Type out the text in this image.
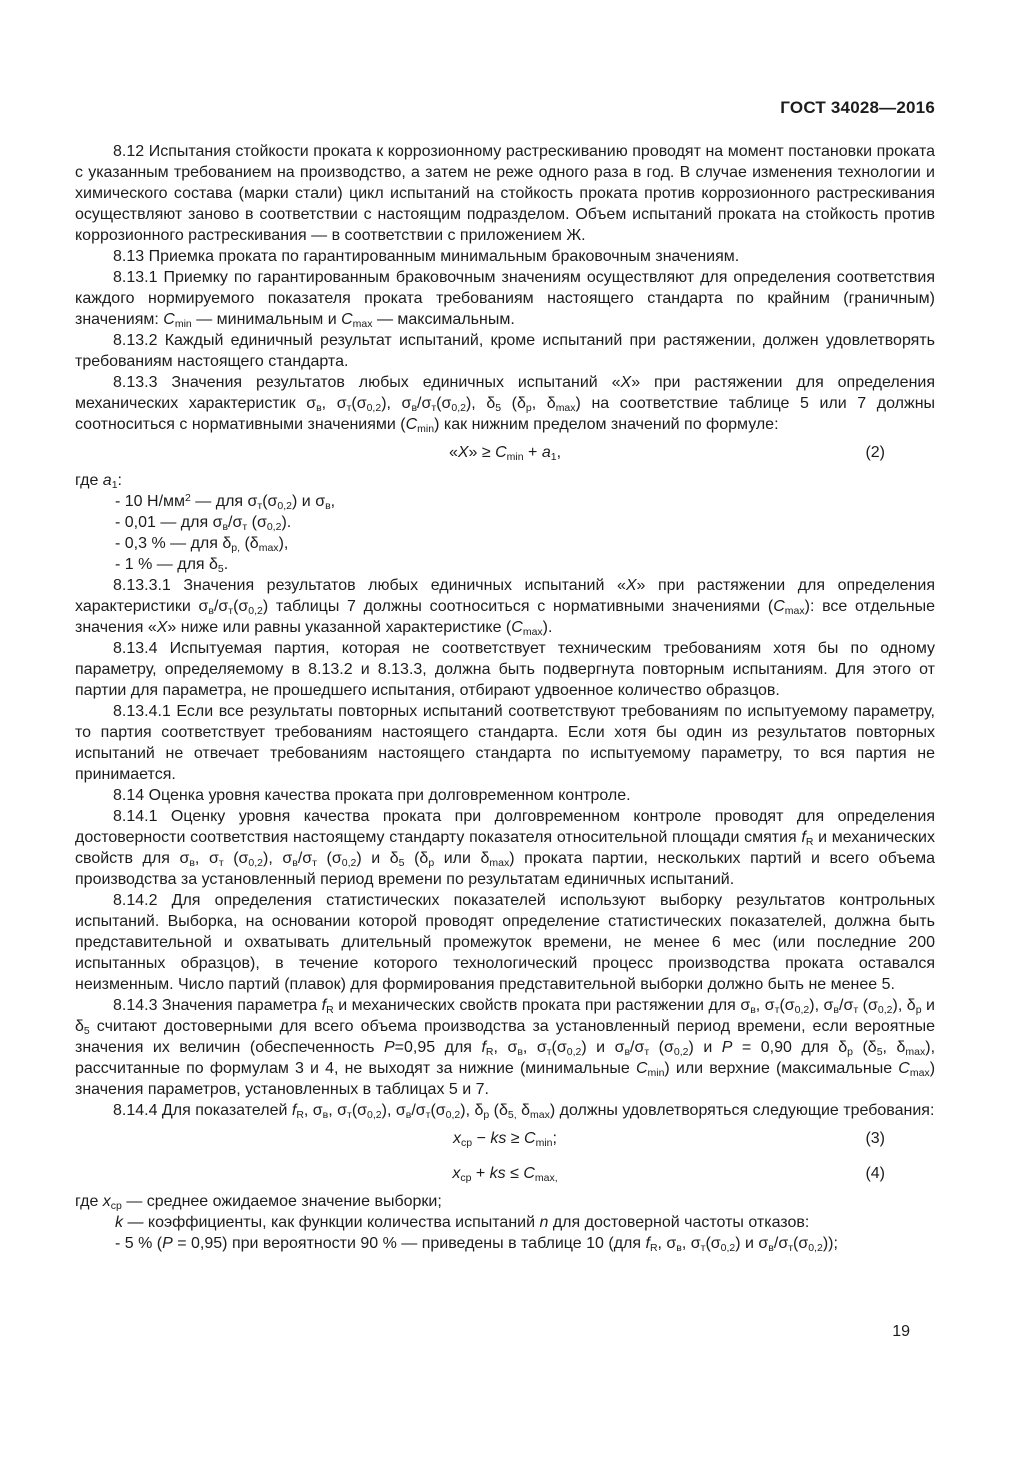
ГОСТ 34028—2016
8.12 Испытания стойкости проката к коррозионному растрескиванию проводят на момент постановки проката с указанным требованием на производство, а затем не реже одного раза в год. В случае изменения технологии и химического состава (марки стали) цикл испытаний на стойкость проката против коррозионного растрескивания осуществляют заново в соответствии с настоящим подразделом. Объем испытаний проката на стойкость против коррозионного растрескивания — в соответствии с приложением Ж.
8.13 Приемка проката по гарантированным минимальным браковочным значениям.
8.13.1 Приемку по гарантированным браковочным значениям осуществляют для определения соответствия каждого нормируемого показателя проката требованиям настоящего стандарта по крайним (граничным) значениям: $C_{min}$ — минимальным и $C_{max}$ — максимальным.
8.13.2 Каждый единичный результат испытаний, кроме испытаний при растяжении, должен удовлетворять требованиям настоящего стандарта.
8.13.3 Значения результатов любых единичных испытаний «X» при растяжении для определения механических характеристик $\sigma_в$, $\sigma_т(\sigma_{0,2})$, $\sigma_в/\sigma_т(\sigma_{0,2})$, $\delta_5$ ($\delta_р$, $\delta_{max}$) на соответствие таблице 5 или 7 должны соотноситься с нормативными значениями $(C_{min})$ как нижним пределом значений по формуле:
«X» ≥ $C_{min} + a_1$,	(2)
где $a_1$:
- 10 $Н/мм^2$ — для $\sigma_т(\sigma_{0,2})$ и $\sigma_в$,
- 0,01 — для $\sigma_в/\sigma_т$ $(\sigma_{0,2})$.
- 0,3 % — для $\delta_{р,}$ $(\delta_{max})$,
- 1 % — для $\delta_5$.
8.13.3.1 Значения результатов любых единичных испытаний «X» при растяжении для определения характеристики $\sigma_в/\sigma_т(\sigma_{0,2})$ таблицы 7 должны соотноситься с нормативными значениями $(C_{max})$: все отдельные значения «X» ниже или равны указанной характеристике $(C_{max})$.
8.13.4 Испытуемая партия, которая не соответствует техническим требованиям хотя бы по одному параметру, определяемому в 8.13.2 и 8.13.3, должна быть подвергнута повторным испытаниям. Для этого от партии для параметра, не прошедшего испытания, отбирают удвоенное количество образцов.
8.13.4.1 Если все результаты повторных испытаний соответствуют требованиям по испытуемому параметру, то партия соответствует требованиям настоящего стандарта. Если хотя бы один из результатов повторных испытаний не отвечает требованиям настоящего стандарта по испытуемому параметру, то вся партия не принимается.
8.14 Оценка уровня качества проката при долговременном контроле.
8.14.1 Оценку уровня качества проката при долговременном контроле проводят для определения достоверности соответствия настоящему стандарту показателя относительной площади смятия $f_R$ и механических свойств для $\sigma_в$, $\sigma_т$ $(\sigma_{0,2})$, $\sigma_в/\sigma_т$ $(\sigma_{0,2})$ и $\delta_5$ ($\delta_р$ или $\delta_{max}$) проката партии, нескольких партий и всего объема производства за установленный период времени по результатам единичных испытаний.
8.14.2 Для определения статистических показателей используют выборку результатов контрольных испытаний. Выборка, на основании которой проводят определение статистических показателей, должна быть представительной и охватывать длительный промежуток времени, не менее 6 мес (или последние 200 испытанных образцов), в течение которого технологический процесс производства проката оставался неизменным. Число партий (плавок) для формирования представительной выборки должно быть не менее 5.
8.14.3 Значения параметра $f_R$ и механических свойств проката при растяжении для $\sigma_в$, $\sigma_т(\sigma_{0,2})$, $\sigma_в/\sigma_т$ $(\sigma_{0,2})$, $\delta_р$ и $\delta_5$ считают достоверными для всего объема производства за установленный период времени, если вероятные значения их величин (обеспеченность P=0,95 для $f_R$, $\sigma_в$, $\sigma_т(\sigma_{0,2})$ и $\sigma_в/\sigma_т$ $(\sigma_{0,2})$ и P = 0,90 для $\delta_р$ ($\delta_5$, $\delta_{max}$), рассчитанные по формулам 3 и 4, не выходят за нижние (минимальные $C_{min}$) или верхние (максимальные $C_{max}$) значения параметров, установленных в таблицах 5 и 7.
8.14.4 Для показателей $f_R$, $\sigma_в$, $\sigma_т(\sigma_{0,2})$, $\sigma_в/\sigma_т(\sigma_{0,2})$, $\delta_р$ ($\delta_{5,}$ $\delta_{max}$) должны удовлетворяться следующие требования:
$x_{ср}$ − ks ≥ $C_{min}$;	(3)
$x_{ср}$ + ks ≤ $C_{max,}$	(4)
где $x_{ср}$ — среднее ожидаемое значение выборки;
k — коэффициенты, как функции количества испытаний n для достоверной частоты отказов:
- 5 % (P = 0,95) при вероятности 90 % — приведены в таблице 10 (для $f_R$, $\sigma_в$, $\sigma_т(\sigma_{0,2})$ и $\sigma_в/\sigma_т(\sigma_{0,2})$);
19
